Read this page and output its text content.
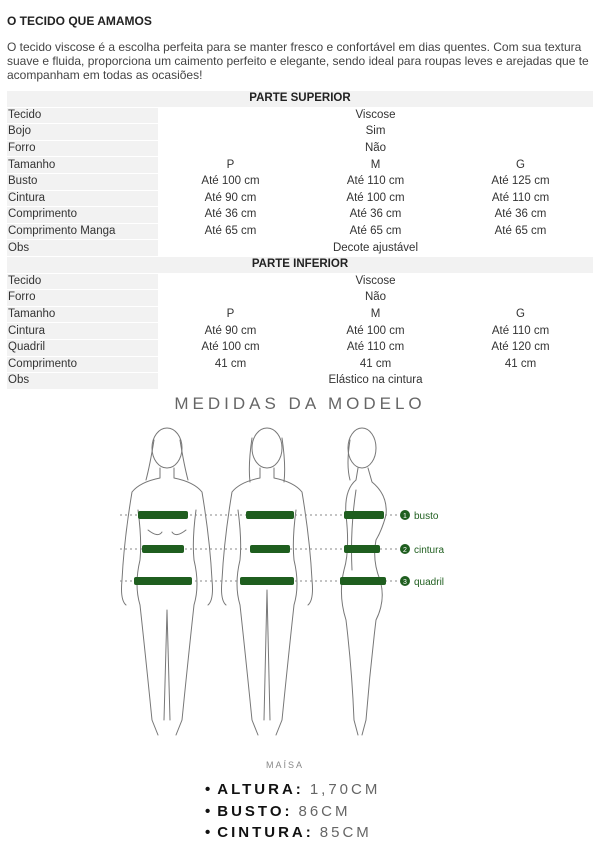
O TECIDO QUE AMAMOS
O tecido viscose é a escolha perfeita para se manter fresco e confortável em dias quentes. Com sua textura suave e fluida, proporciona um caimento perfeito e elegante, sendo ideal para roupas leves e arejadas que te acompanham em todas as ocasiões!
PARTE SUPERIOR			
Tecido	Viscose		
Bojo	Sim		
Forro	Não		
Tamanho	P	M	G
Busto	Até 100 cm	Até 110 cm	Até 125 cm
Cintura	Até 90 cm	Até 100 cm	Até 110 cm
Comprimento	Até 36 cm	Até 36 cm	Até 36 cm
Comprimento Manga	Até 65 cm	Até 65 cm	Até 65 cm
Obs	Decote ajustável		
PARTE INFERIOR			
Tecido	Viscose		
Forro	Não		
Tamanho	P	M	G
Cintura	Até 90 cm	Até 100 cm	Até 110 cm
Quadril	Até 100 cm	Até 110 cm	Até 120 cm
Comprimento	41 cm	41 cm	41 cm
Obs	Elástico na cintura		
MEDIDAS DA MODELO
1 busto
2 cintura
3 quadril
MAÍSA
• ALTURA: 1,70CM
• BUSTO: 86CM
• CINTURA: 85CM
